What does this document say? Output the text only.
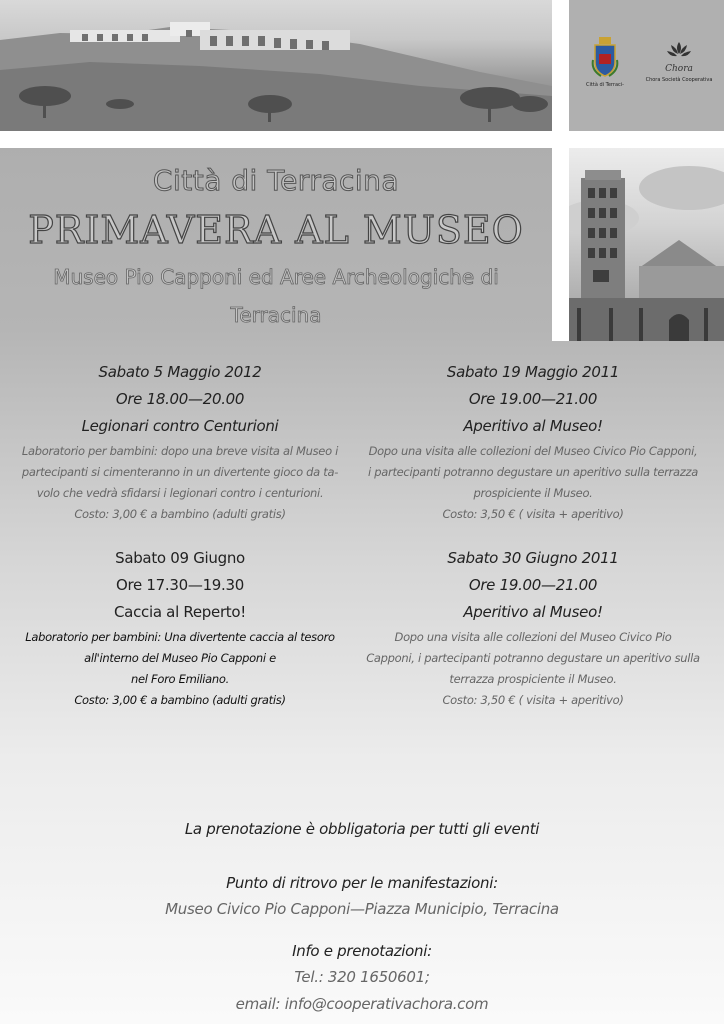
Città di Terraci-
Chora
Chora Società Cooperativa
Città di Terracina
PRIMAVERA AL MUSEO
Museo Pio Capponi ed Aree Archeologiche di Terracina
Sabato 5 Maggio 2012
Ore 18.00—20.00
Legionari contro Centurioni
Laboratorio per bambini: dopo una breve visita al Museo i
partecipanti si cimenteranno in un divertente gioco da ta-
volo che vedrà sfidarsi i legionari contro i centurioni.
Costo: 3,00 € a bambino (adulti gratis)
Sabato 19 Maggio 2011
Ore 19.00—21.00
Aperitivo al Museo!
Dopo una visita alle collezioni del Museo Civico Pio Capponi,
i partecipanti potranno degustare un aperitivo sulla terrazza
prospiciente il Museo.
Costo: 3,50 € ( visita + aperitivo)
Sabato 09 Giugno
Ore 17.30—19.30
Caccia al Reperto!
Laboratorio per bambini: Una divertente caccia al tesoro
all'interno del Museo Pio Capponi e
nel Foro Emiliano.
Costo: 3,00 € a bambino (adulti gratis)
Sabato 30 Giugno 2011
Ore 19.00—21.00
Aperitivo al Museo!
Dopo una visita alle collezioni del Museo Civico Pio
Capponi, i partecipanti potranno degustare un aperitivo sulla
terrazza prospiciente il Museo.
Costo: 3,50 € ( visita + aperitivo)
La prenotazione è obbligatoria per tutti gli eventi
Punto di ritrovo per le manifestazioni:
Museo Civico Pio Capponi—Piazza Municipio, Terracina
Info e prenotazioni:
Tel.: 320 1650601;
email: info@cooperativachora.com
